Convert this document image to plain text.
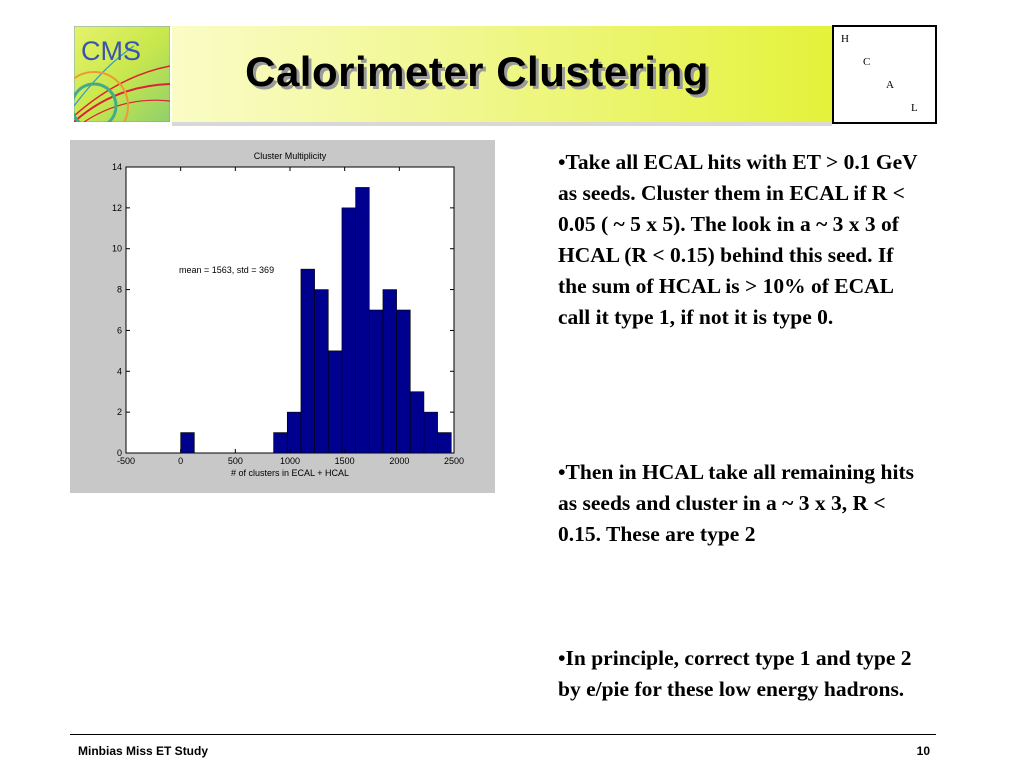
CMS	Calorimeter Clustering
H
C
A
L
-500	0	500	1000	1500	2000	2500
0
2
4
6
8
10
12
14
Cluster Multiplicity
# of clusters in ECAL + HCAL
mean = 1563, std = 369

•Take all ECAL hits with ET > 0.1 GeV as seeds. Cluster them in ECAL if R < 0.05 ( ~ 5 x 5). The look in a ~ 3 x 3 of HCAL (R < 0.15) behind this seed. If the sum of HCAL is > 10% of ECAL call it type 1, if not it is type 0.

•Then in HCAL take all remaining hits as seeds and cluster in a ~ 3 x 3, R < 0.15. These are type 2

•In principle, correct type 1 and type 2 by e/pie for these low energy hadrons.

Minbias Miss ET Study	10
